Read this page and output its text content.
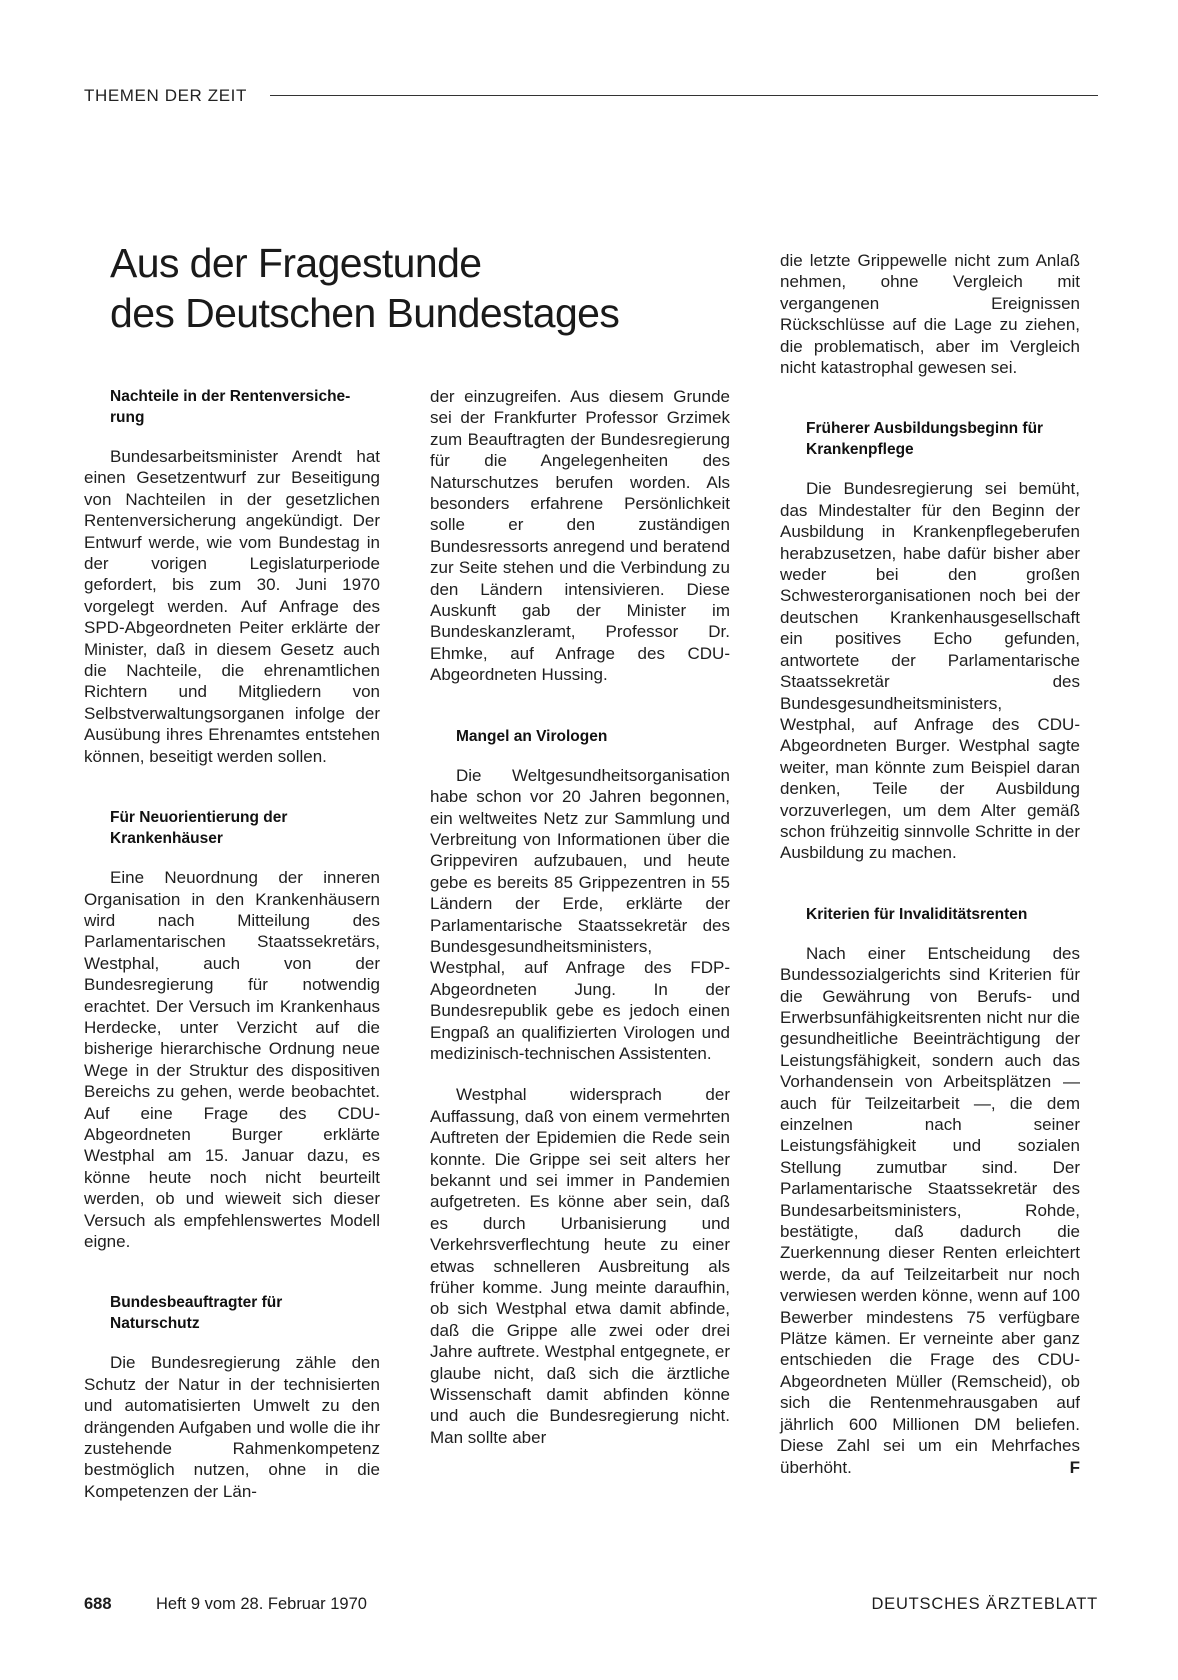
THEMEN DER ZEIT
Aus der Fragestunde
des Deutschen Bundestages
Nachteile in der Rentenversiche-rung

Bundesarbeitsminister Arendt hat einen Gesetzentwurf zur Beseitigung von Nachteilen in der gesetzlichen Rentenversicherung angekündigt. Der Entwurf werde, wie vom Bundestag in der vorigen Legislaturperiode gefordert, bis zum 30. Juni 1970 vorgelegt werden. Auf Anfrage des SPD-Abgeordneten Peiter erklärte der Minister, daß in diesem Gesetz auch die Nachteile, die ehrenamtlichen Richtern und Mitgliedern von Selbstverwaltungsorganen infolge der Ausübung ihres Ehrenamtes entstehen können, beseitigt werden sollen.

Für Neuorientierung der Krankenhäuser

Eine Neuordnung der inneren Organisation in den Krankenhäusern wird nach Mitteilung des Parlamentarischen Staatssekretärs, Westphal, auch von der Bundesregierung für notwendig erachtet. Der Versuch im Krankenhaus Herdecke, unter Verzicht auf die bisherige hierarchische Ordnung neue Wege in der Struktur des dispositiven Bereichs zu gehen, werde beobachtet. Auf eine Frage des CDU-Abgeordneten Burger erklärte Westphal am 15. Januar dazu, es könne heute noch nicht beurteilt werden, ob und wieweit sich dieser Versuch als empfehlenswertes Modell eigne.

Bundesbeauftragter für Naturschutz

Die Bundesregierung zähle den Schutz der Natur in der technisierten und automatisierten Umwelt zu den drängenden Aufgaben und wolle die ihr zustehende Rahmenkompetenz bestmöglich nutzen, ohne in die Kompetenzen der Län-

der einzugreifen. Aus diesem Grunde sei der Frankfurter Professor Grzimek zum Beauftragten der Bundesregierung für die Angelegenheiten des Naturschutzes berufen worden. Als besonders erfahrene Persönlichkeit solle er den zuständigen Bundesressorts anregend und beratend zur Seite stehen und die Verbindung zu den Ländern intensivieren. Diese Auskunft gab der Minister im Bundeskanzleramt, Professor Dr. Ehmke, auf Anfrage des CDU-Abgeordneten Hussing.

Mangel an Virologen

Die Weltgesundheitsorganisation habe schon vor 20 Jahren begonnen, ein weltweites Netz zur Sammlung und Verbreitung von Informationen über die Grippeviren aufzubauen, und heute gebe es bereits 85 Grippezentren in 55 Ländern der Erde, erklärte der Parlamentarische Staatssekretär des Bundesgesundheitsministers, Westphal, auf Anfrage des FDP-Abgeordneten Jung. In der Bundesrepublik gebe es jedoch einen Engpaß an qualifizierten Virologen und medizinisch-technischen Assistenten.

Westphal widersprach der Auffassung, daß von einem vermehrten Auftreten der Epidemien die Rede sein konnte. Die Grippe sei seit alters her bekannt und sei immer in Pandemien aufgetreten. Es könne aber sein, daß es durch Urbanisierung und Verkehrsverflechtung heute zu einer etwas schnelleren Ausbreitung als früher komme. Jung meinte daraufhin, ob sich Westphal etwa damit abfinde, daß die Grippe alle zwei oder drei Jahre auftrete. Westphal entgegnete, er glaube nicht, daß sich die ärztliche Wissenschaft damit abfinden könne und auch die Bundesregierung nicht. Man sollte aber

die letzte Grippewelle nicht zum Anlaß nehmen, ohne Vergleich mit vergangenen Ereignissen Rückschlüsse auf die Lage zu ziehen, die problematisch, aber im Vergleich nicht katastrophal gewesen sei.

Früherer Ausbildungsbeginn für Krankenpflege

Die Bundesregierung sei bemüht, das Mindestalter für den Beginn der Ausbildung in Krankenpflegeberufen herabzusetzen, habe dafür bisher aber weder bei den großen Schwesterorganisationen noch bei der deutschen Krankenhausgesellschaft ein positives Echo gefunden, antwortete der Parlamentarische Staatssekretär des Bundesgesundheitsministers, Westphal, auf Anfrage des CDU-Abgeordneten Burger. Westphal sagte weiter, man könnte zum Beispiel daran denken, Teile der Ausbildung vorzuverlegen, um dem Alter gemäß schon frühzeitig sinnvolle Schritte in der Ausbildung zu machen.

Kriterien für Invaliditätsrenten

Nach einer Entscheidung des Bundessozialgerichts sind Kriterien für die Gewährung von Berufs- und Erwerbsunfähigkeitsrenten nicht nur die gesundheitliche Beeinträchtigung der Leistungsfähigkeit, sondern auch das Vorhandensein von Arbeitsplätzen — auch für Teilzeitarbeit —, die dem einzelnen nach seiner Leistungsfähigkeit und sozialen Stellung zumutbar sind. Der Parlamentarische Staatssekretär des Bundesarbeitsministers, Rohde, bestätigte, daß dadurch die Zuerkennung dieser Renten erleichtert werde, da auf Teilzeitarbeit nur noch verwiesen werden könne, wenn auf 100 Bewerber mindestens 75 verfügbare Plätze kämen. Er verneinte aber ganz entschieden die Frage des CDU-Abgeordneten Müller (Remscheid), ob sich die Rentenmehrausgaben auf jährlich 600 Millionen DM beliefen. Diese Zahl sei um ein Mehrfaches überhöht.	F

688	Heft 9 vom 28. Februar 1970	DEUTSCHES ÄRZTEBLATT
